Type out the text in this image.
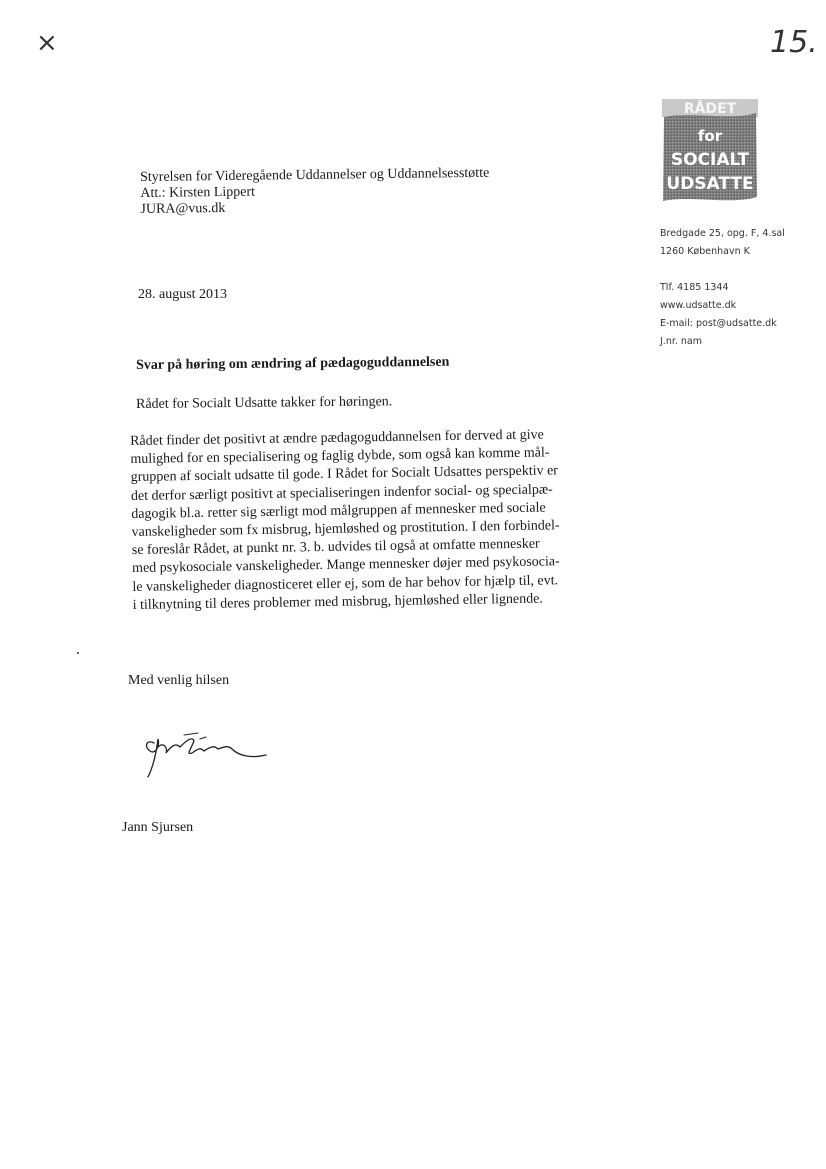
×	15.
Styrelsen for Videregående Uddannelser og Uddannelsesstøtte
Att.: Kirsten Lippert
JURA@vus.dk
RÅDET
for
SOCIALT
UDSATTE
Bredgade 25, opg. F, 4.sal
1260 København K
Tlf. 4185 1344
www.udsatte.dk
E-mail: post@udsatte.dk
J.nr. nam
28. august 2013
Svar på høring om ændring af pædagoguddannelsen
Rådet for Socialt Udsatte takker for høringen.
Rådet finder det positivt at ændre pædagoguddannelsen for derved at give
mulighed for en specialisering og faglig dybde, som også kan komme mål-
gruppen af socialt udsatte til gode. I Rådet for Socialt Udsattes perspektiv er
det derfor særligt positivt at specialiseringen indenfor social- og specialpæ-
dagogik bl.a. retter sig særligt mod målgruppen af mennesker med sociale
vanskeligheder som fx misbrug, hjemløshed og prostitution. I den forbindel-
se foreslår Rådet, at punkt nr. 3. b. udvides til også at omfatte mennesker
med psykosociale vanskeligheder. Mange mennesker døjer med psykosocia-
le vanskeligheder diagnosticeret eller ej, som de har behov for hjælp til, evt.
i tilknytning til deres problemer med misbrug, hjemløshed eller lignende.
Med venlig hilsen
Jann Sjursen
